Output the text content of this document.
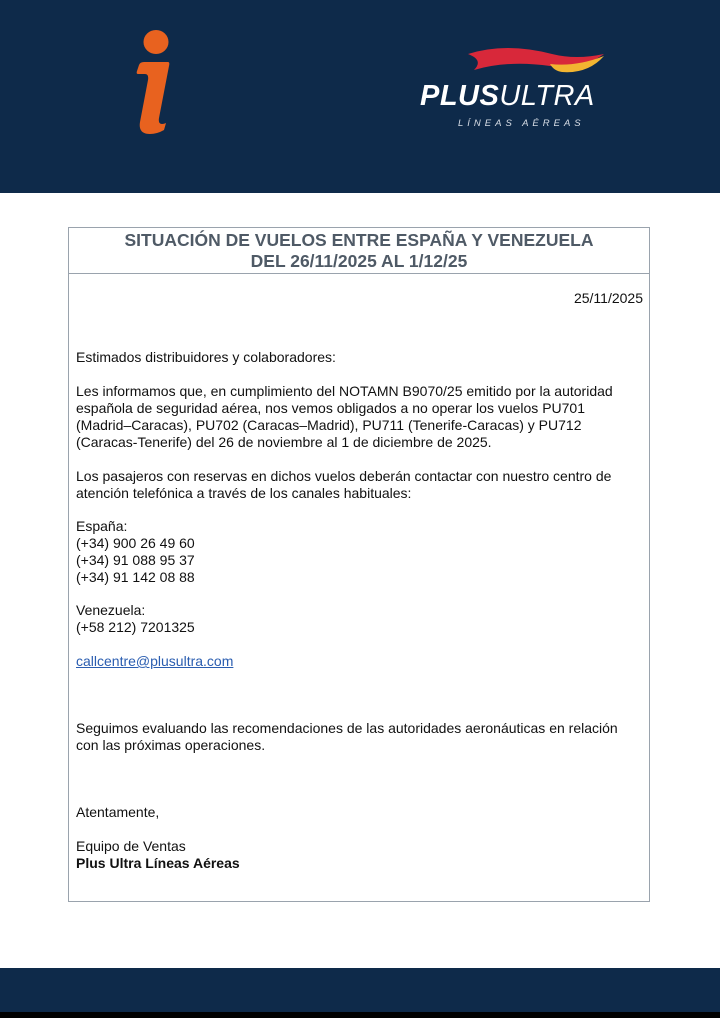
PLUSULTRA
LÍNEAS AÉREAS
SITUACIÓN DE VUELOS ENTRE ESPAÑA Y VENEZUELA
DEL 26/11/2025 AL 1/12/25
25/11/2025
Estimados distribuidores y colaboradores:
Les informamos que, en cumplimiento del NOTAMN B9070/25 emitido por la autoridad
española de seguridad aérea, nos vemos obligados a no operar los vuelos PU701
(Madrid–Caracas), PU702 (Caracas–Madrid), PU711 (Tenerife-Caracas) y PU712
(Caracas-Tenerife) del 26 de noviembre al 1 de diciembre de 2025.
Los pasajeros con reservas en dichos vuelos deberán contactar con nuestro centro de
atención telefónica a través de los canales habituales:
España:
(+34) 900 26 49 60
(+34) 91 088 95 37
(+34) 91 142 08 88
Venezuela:
(+58 212) 7201325
callcentre@plusultra.com
Seguimos evaluando las recomendaciones de las autoridades aeronáuticas en relación
con las próximas operaciones.
Atentamente,
Equipo de Ventas
Plus Ultra Líneas Aéreas
